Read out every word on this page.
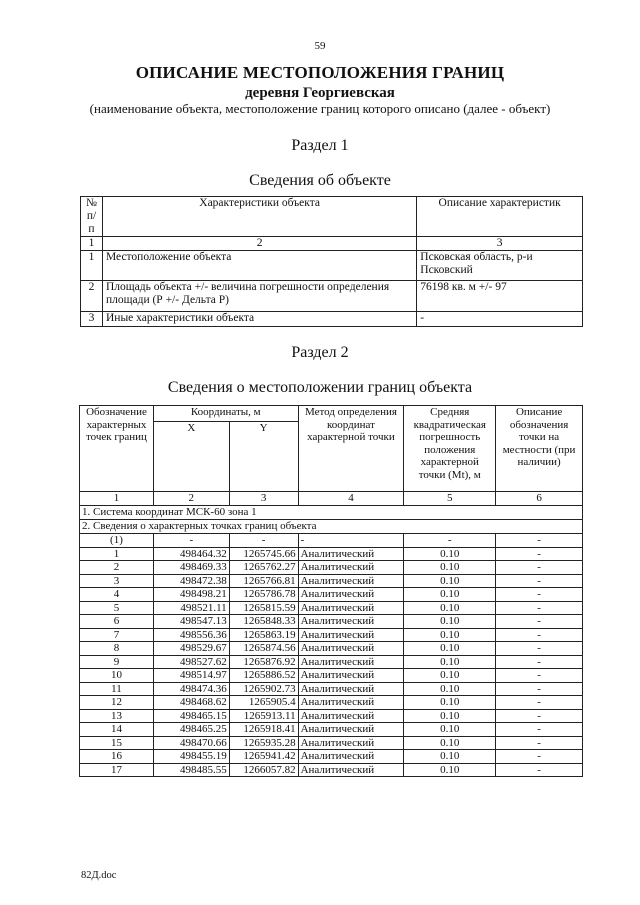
59
ОПИСАНИЕ МЕСТОПОЛОЖЕНИЯ ГРАНИЦ
деревня Георгиевская
(наименование объекта, местоположение границ которого описано (далее - объект)
Раздел 1
Сведения об объекте
№ п/п	Характеристики объекта	Описание характеристик
1	2	3
1	Местоположение объекта	Псковская область, р-и Псковский
2	Площадь объекта +/- величина погрешности определения площади (Р +/- Дельта Р)	76198 кв. м +/- 97
3	Иные характеристики объекта	-
Раздел 2
Сведения о местоположении границ объекта
Обозначение характерных точек границ	Координаты, м		Метод определения координат характерной точки	Средняя квадратическая погрешность положения характерной точки (Mt), м	Описание обозначения точки на местности (при наличии)
	X	Y			
1	2	3	4	5	6
1. Система координат МСК-60 зона 1					
2. Сведения о характерных точках границ объекта					
(1)	-	-	-	-	-
1	498464.32	1265745.66	Аналитический	0.10	-
2	498469.33	1265762.27	Аналитический	0.10	-
3	498472.38	1265766.81	Аналитический	0.10	-
4	498498.21	1265786.78	Аналитический	0.10	-
5	498521.11	1265815.59	Аналитический	0.10	-
6	498547.13	1265848.33	Аналитический	0.10	-
7	498556.36	1265863.19	Аналитический	0.10	-
8	498529.67	1265874.56	Аналитический	0.10	-
9	498527.62	1265876.92	Аналитический	0.10	-
10	498514.97	1265886.52	Аналитический	0.10	-
11	498474.36	1265902.73	Аналитический	0.10	-
12	498468.62	1265905.4	Аналитический	0.10	-
13	498465.15	1265913.11	Аналитический	0.10	-
14	498465.25	1265918.41	Аналитический	0.10	-
15	498470.66	1265935.28	Аналитический	0.10	-
16	498455.19	1265941.42	Аналитический	0.10	-
17	498485.55	1266057.82	Аналитический	0.10	-
82Д.doc
